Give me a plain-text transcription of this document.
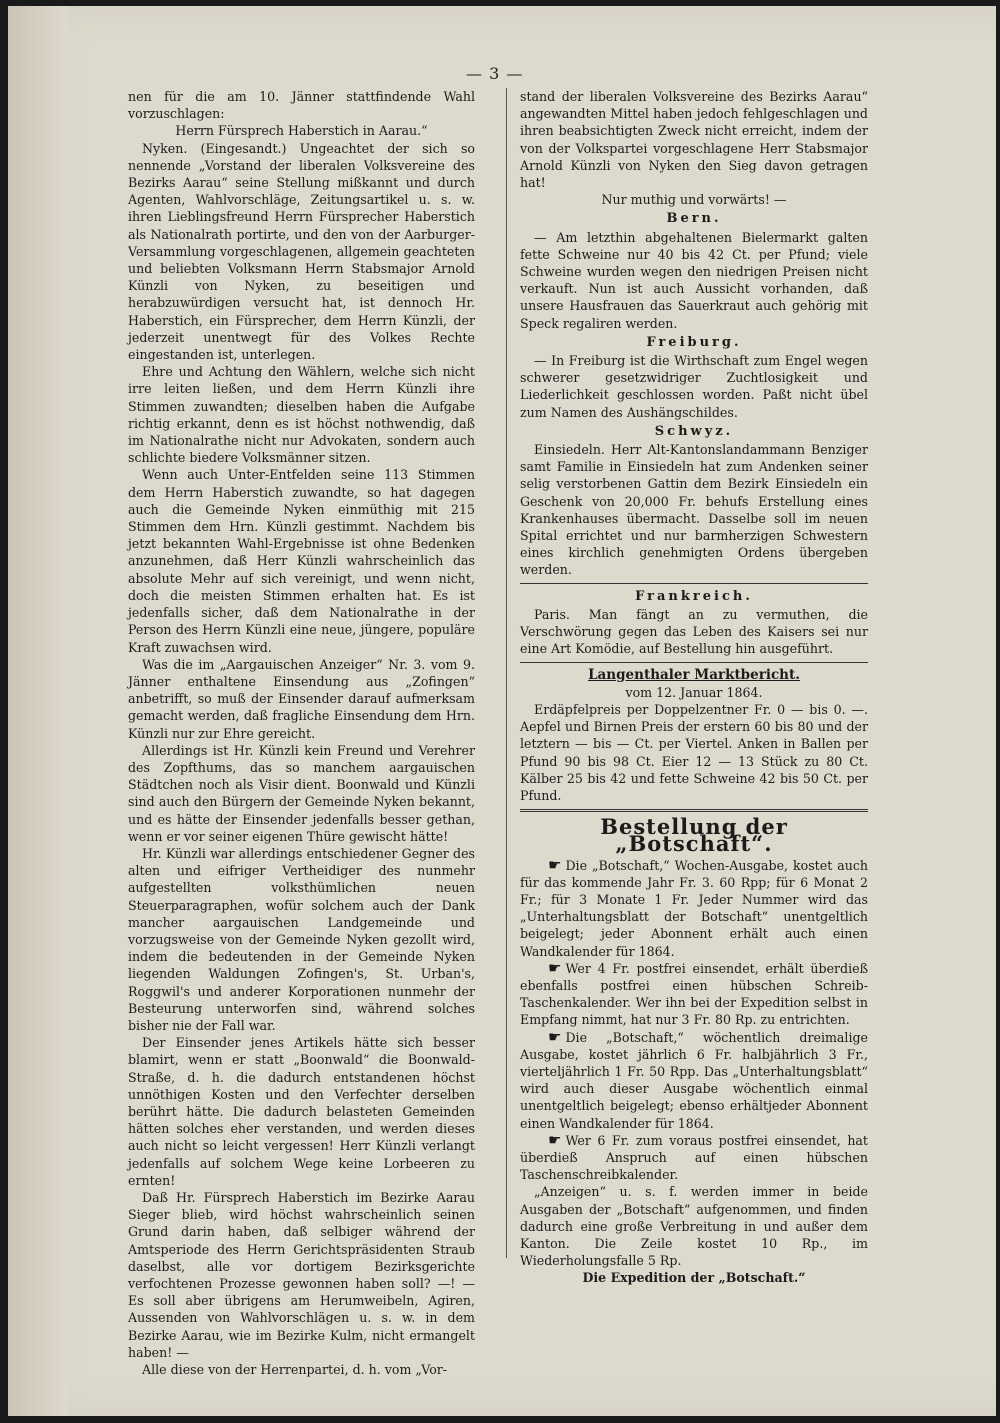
— 3 —

nen für die am 10. Jänner stattfindende Wahl vorzuschlagen:

Herrn Fürsprech Haberstich in Aarau.“

Nyken. (Eingesandt.) Ungeachtet der sich so nennende „Vorstand der liberalen Volksvereine des Bezirks Aarau“ seine Stellung mißkannt und durch Agenten, Wahlvorschläge, Zeitungsartikel u. s. w. ihren Lieblingsfreund Herrn Fürsprecher Haberstich als Nationalrath portirte, und den von der Aarburger-Versammlung vorgeschlagenen, allgemein geachteten und beliebten Volksmann Herrn Stabsmajor Arnold Künzli von Nyken, zu beseitigen und herabzuwürdigen versucht hat, ist dennoch Hr. Haberstich, ein Fürsprecher, dem Herrn Künzli, der jederzeit unentwegt für des Volkes Rechte eingestanden ist, unterlegen.

Ehre und Achtung den Wählern, welche sich nicht irre leiten ließen, und dem Herrn Künzli ihre Stimmen zuwandten; dieselben haben die Aufgabe richtig erkannt, denn es ist höchst nothwendig, daß im Nationalrathe nicht nur Advokaten, sondern auch schlichte biedere Volksmänner sitzen.

Wenn auch Unter-Entfelden seine 113 Stimmen dem Herrn Haberstich zuwandte, so hat dagegen auch die Gemeinde Nyken einmüthig mit 215 Stimmen dem Hrn. Künzli gestimmt. Nachdem bis jetzt bekannten Wahl-Ergebnisse ist ohne Bedenken anzunehmen, daß Herr Künzli wahrscheinlich das absolute Mehr auf sich vereinigt, und wenn nicht, doch die meisten Stimmen erhalten hat. Es ist jedenfalls sicher, daß dem Nationalrathe in der Person des Herrn Künzli eine neue, jüngere, populäre Kraft zuwachsen wird.

Was die im „Aargauischen Anzeiger“ Nr. 3. vom 9. Jänner enthaltene Einsendung aus „Zofingen“ anbetrifft, so muß der Einsender darauf aufmerksam gemacht werden, daß fragliche Einsendung dem Hrn. Künzli nur zur Ehre gereicht.

Allerdings ist Hr. Künzli kein Freund und Verehrer des Zopfthums, das so manchem aargauischen Städtchen noch als Visir dient. Boonwald und Künzli sind auch den Bürgern der Gemeinde Nyken bekannt, und es hätte der Einsender jedenfalls besser gethan, wenn er vor seiner eigenen Thüre gewischt hätte!

Hr. Künzli war allerdings entschiedener Gegner des alten und eifriger Vertheidiger des nunmehr aufgestellten volksthümlichen neuen Steuerparagraphen, wofür solchem auch der Dank mancher aargauischen Landgemeinde und vorzugsweise von der Gemeinde Nyken gezollt wird, indem die bedeutenden in der Gemeinde Nyken liegenden Waldungen Zofingen's, St. Urban's, Roggwil's und anderer Korporationen nunmehr der Besteurung unterworfen sind, während solches bisher nie der Fall war.

Der Einsender jenes Artikels hätte sich besser blamirt, wenn er statt „Boonwald“ die Boonwald-Straße, d. h. die dadurch entstandenen höchst unnöthigen Kosten und den Verfechter derselben berührt hätte. Die dadurch belasteten Gemeinden hätten solches eher verstanden, und werden dieses auch nicht so leicht vergessen! Herr Künzli verlangt jedenfalls auf solchem Wege keine Lorbeeren zu ernten!

Daß Hr. Fürsprech Haberstich im Bezirke Aarau Sieger blieb, wird höchst wahrscheinlich seinen Grund darin haben, daß selbiger während der Amtsperiode des Herrn Gerichtspräsidenten Straub daselbst, alle vor dortigem Bezirksgerichte verfochtenen Prozesse gewonnen haben soll? —! — Es soll aber übrigens am Herumweibeln, Agiren, Aussenden von Wahlvorschlägen u. s. w. in dem Bezirke Aarau, wie im Bezirke Kulm, nicht ermangelt haben! —

Alle diese von der Herrenpartei, d. h. vom „Vor-

stand der liberalen Volksvereine des Bezirks Aarau“ angewandten Mittel haben jedoch fehlgeschlagen und ihren beabsichtigten Zweck nicht erreicht, indem der von der Volkspartei vorgeschlagene Herr Stabsmajor Arnold Künzli von Nyken den Sieg davon getragen hat!

Nur muthig und vorwärts! —

Bern.

— Am letzthin abgehaltenen Bielermarkt galten fette Schweine nur 40 bis 42 Ct. per Pfund; viele Schweine wurden wegen den niedrigen Preisen nicht verkauft. Nun ist auch Aussicht vorhanden, daß unsere Hausfrauen das Sauerkraut auch gehörig mit Speck regaliren werden.

Freiburg.

— In Freiburg ist die Wirthschaft zum Engel wegen schwerer gesetzwidriger Zuchtlosigkeit und Liederlichkeit geschlossen worden. Paßt nicht übel zum Namen des Aushängschildes.

Schwyz.

Einsiedeln. Herr Alt-Kantonslandammann Benziger samt Familie in Einsiedeln hat zum Andenken seiner selig verstorbenen Gattin dem Bezirk Einsiedeln ein Geschenk von 20,000 Fr. behufs Erstellung eines Krankenhauses übermacht. Dasselbe soll im neuen Spital errichtet und nur barmherzigen Schwestern eines kirchlich genehmigten Ordens übergeben werden.

Frankreich.

Paris. Man fängt an zu vermuthen, die Verschwörung gegen das Leben des Kaisers sei nur eine Art Komödie, auf Bestellung hin ausgeführt.

Langenthaler Marktbericht.
vom 12. Januar 1864.

Erdäpfelpreis per Doppelzentner Fr. 0 — bis 0. —. Aepfel und Birnen Preis der erstern 60 bis 80 und der letztern — bis — Ct. per Viertel. Anken in Ballen per Pfund 90 bis 98 Ct. Eier 12 — 13 Stück zu 80 Ct. Kälber 25 bis 42 und fette Schweine 42 bis 50 Ct. per Pfund.

Bestellung der „Botschaft“.

☛ Die „Botschaft,“ Wochen-Ausgabe, kostet auch für das kommende Jahr Fr. 3. 60 Rpp; für 6 Monat 2 Fr.; für 3 Monate 1 Fr. Jeder Nummer wird das „Unterhaltungsblatt der Botschaft“ unentgeltlich beigelegt; jeder Abonnent erhält auch einen Wandkalender für 1864.

☛ Wer 4 Fr. postfrei einsendet, erhält überdieß ebenfalls postfrei einen hübschen Schreib-Taschenkalender. Wer ihn bei der Expedition selbst in Empfang nimmt, hat nur 3 Fr. 80 Rp. zu entrichten.

☛ Die „Botschaft,“ wöchentlich dreimalige Ausgabe, kostet jährlich 6 Fr. halbjährlich 3 Fr., vierteljährlich 1 Fr. 50 Rpp. Das „Unterhaltungsblatt“ wird auch dieser Ausgabe wöchentlich einmal unentgeltlich beigelegt; ebenso erhältjeder Abonnent einen Wandkalender für 1864.

☛ Wer 6 Fr. zum voraus postfrei einsendet, hat überdieß Anspruch auf einen hübschen Taschenschreibkalender.

„Anzeigen“ u. s. f. werden immer in beide Ausgaben der „Botschaft“ aufgenommen, und finden dadurch eine große Verbreitung in und außer dem Kanton. Die Zeile kostet 10 Rp., im Wiederholungsfalle 5 Rp.

Die Expedition der „Botschaft.“
